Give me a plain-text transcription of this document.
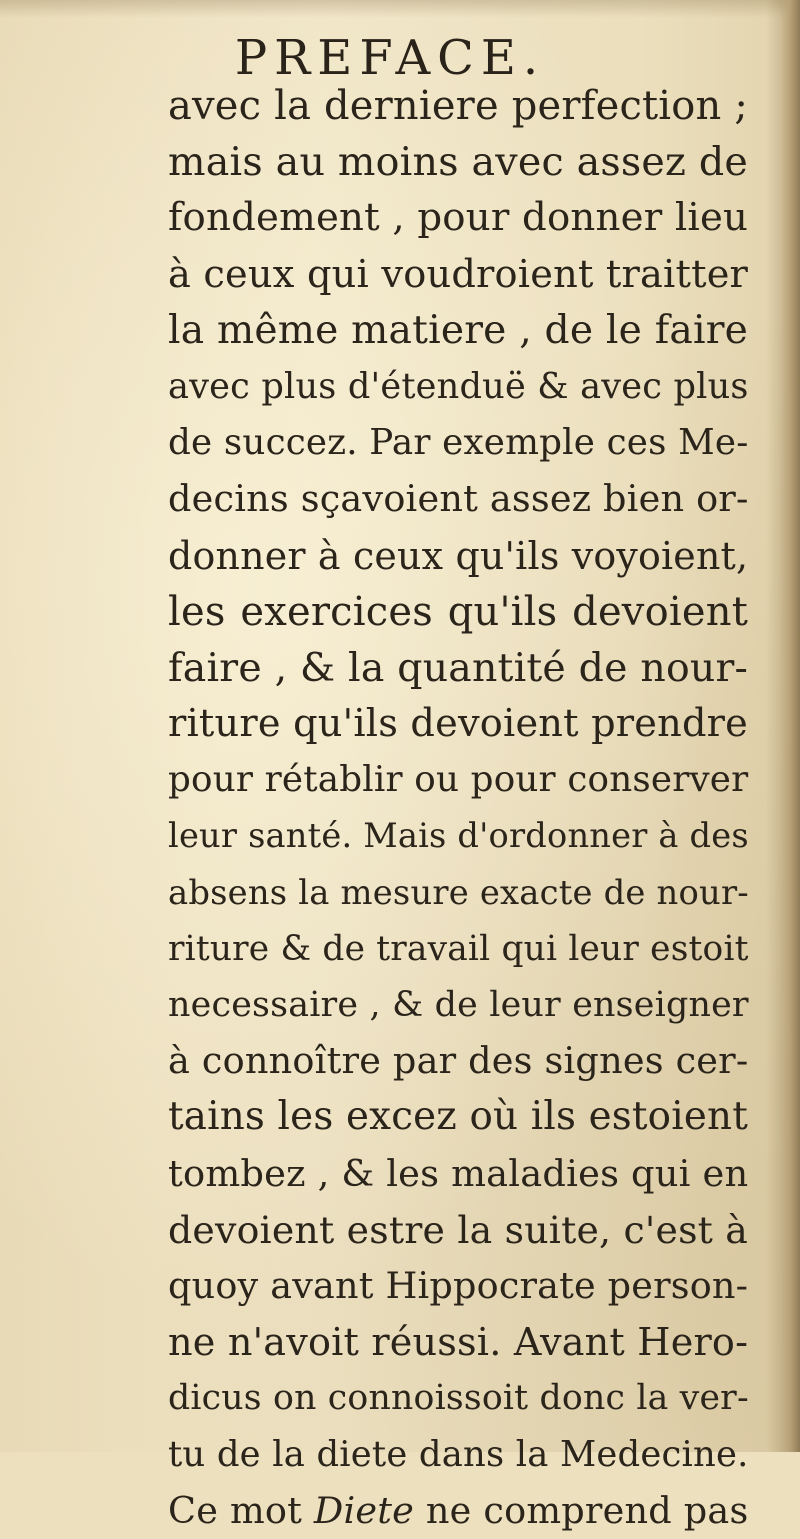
PREFACE.
avec la derniere perfection ;
mais au moins avec assez de
fondement , pour donner lieu
à ceux qui voudroient traitter
la même matiere , de le faire
avec plus d'étenduë & avec plus
de succez. Par exemple ces Me-
decins sçavoient assez bien or-
donner à ceux qu'ils voyoient,
les exercices qu'ils devoient
faire , & la quantité de nour-
riture qu'ils devoient prendre
pour rétablir ou pour conserver
leur santé. Mais d'ordonner à des
absens la mesure exacte de nour-
riture & de travail qui leur estoit
necessaire , & de leur enseigner
à connoître par des signes cer-
tains les excez où ils estoient
tombez , & les maladies qui en
devoient estre la suite, c'est à
quoy avant Hippocrate person-
ne n'avoit réussi. Avant Hero-
dicus on connoissoit donc la ver-
tu de la diete dans la Medecine.
Ce mot Diete ne comprend pas
